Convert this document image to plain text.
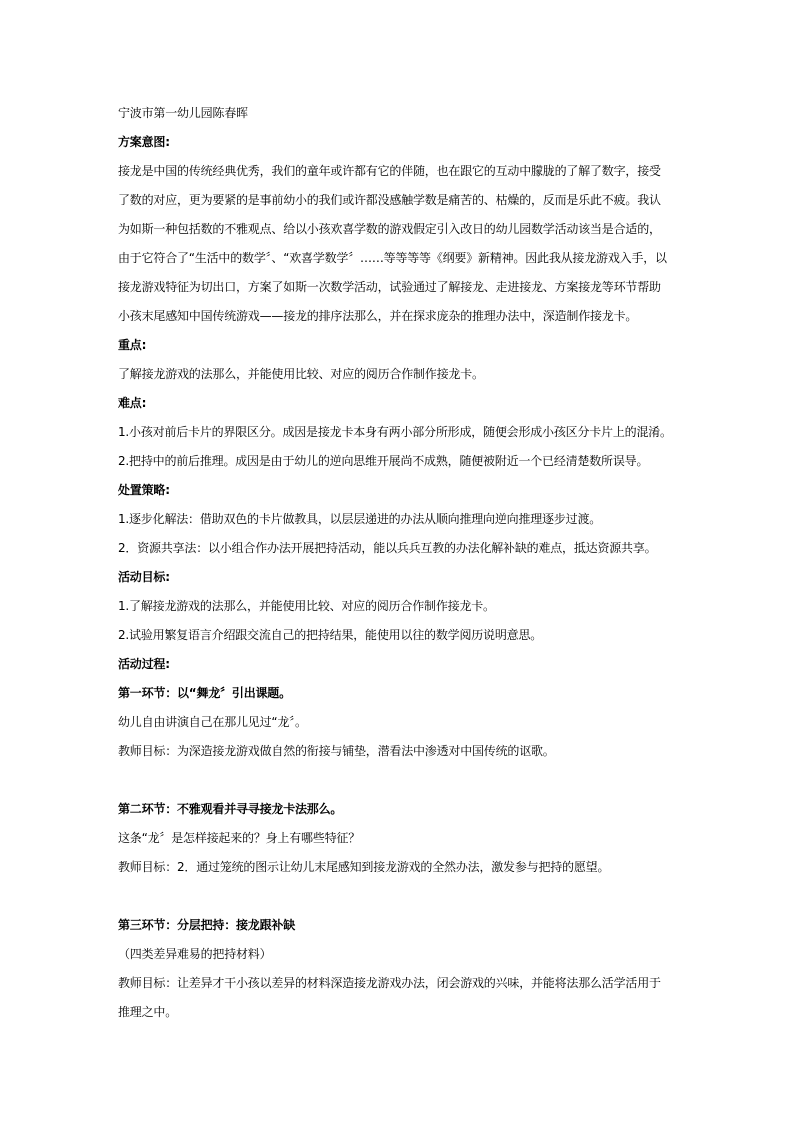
宁波市第一幼儿园陈春晖
方案意图:
接龙是中国的传统经典优秀，我们的童年或许都有它的伴随，也在跟它的互动中朦胧的了解了数字，接受
了数的对应，更为要紧的是事前幼小的我们或许都没感触学数是痛苦的、枯燥的，反而是乐此不疲。我认
为如斯一种包括数的不雅观点、给以小孩欢喜学数的游戏假定引入改日的幼儿园数学活动该当是合适的，
由于它符合了“生活中的数学〞、“欢喜学数学〞……等等等等《纲要》新精神。因此我从接龙游戏入手，以
接龙游戏特征为切出口，方案了如斯一次数学活动，试验通过了解接龙、走进接龙、方案接龙等环节帮助
小孩末尾感知中国传统游戏——接龙的排序法那么，并在探求庞杂的推理办法中，深造制作接龙卡。
重点:
了解接龙游戏的法那么，并能使用比较、对应的阅历合作制作接龙卡。
难点:
1.小孩对前后卡片的界限区分。成因是接龙卡本身有两小部分所形成，随便会形成小孩区分卡片上的混淆。
2.把持中的前后推理。成因是由于幼儿的逆向思维开展尚不成熟，随便被附近一个已经清楚数所误导。
处置策略:
1.逐步化解法：借助双色的卡片做教具，以层层递进的办法从顺向推理向逆向推理逐步过渡。
2．资源共享法：以小组合作办法开展把持活动，能以兵兵互教的办法化解补缺的难点，抵达资源共享。
活动目标:
1.了解接龙游戏的法那么，并能使用比较、对应的阅历合作制作接龙卡。
2.试验用繁复语言介绍跟交流自己的把持结果，能使用以往的数学阅历说明意思。
活动过程:
第一环节：以“舞龙〞引出课题。
幼儿自由讲演自己在那儿见过“龙〞。
教师目标：为深造接龙游戏做自然的衔接与铺垫，潜看法中渗透对中国传统的讴歌。
第二环节：不雅观看并寻寻接龙卡法那么。
这条“龙〞是怎样接起来的？身上有哪些特征？
教师目标：2．通过笼统的图示让幼儿末尾感知到接龙游戏的全然办法，激发参与把持的愿望。
第三环节：分层把持：接龙跟补缺
（四类差异难易的把持材料）
教师目标：让差异才干小孩以差异的材料深造接龙游戏办法，闭会游戏的兴味，并能将法那么活学活用于
推理之中。
